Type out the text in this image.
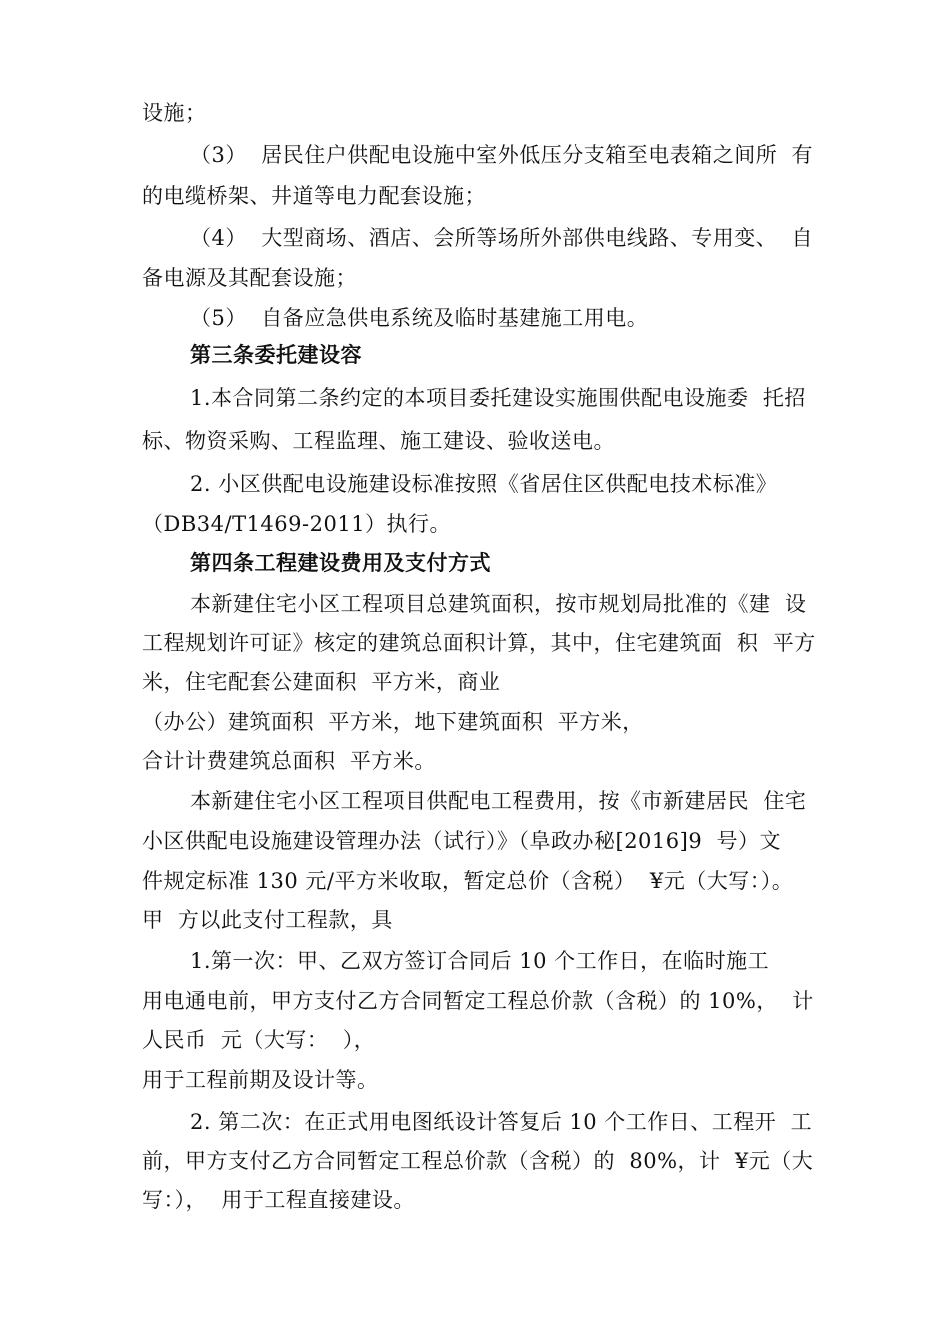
设施；
（3）  居民住户供配电设施中室外低压分支箱至电表箱之间所  有
的电缆桥架、井道等电力配套设施；
（4）  大型商场、酒店、会所等场所外部供电线路、专用变、  自
备电源及其配套设施；
（5）  自备应急供电系统及临时基建施工用电。
第三条委托建设容
1.本合同第二条约定的本项目委托建设实施围供配电设施委  托招
标、物资采购、工程监理、施工建设、验收送电。
2. 小区供配电设施建设标准按照《省居住区供配电技术标准》
（DB34/T1469-2011）执行。
第四条工程建设费用及支付方式
本新建住宅小区工程项目总建筑面积，按市规划局批准的《建  设
工程规划许可证》核定的建筑总面积计算，其中，住宅建筑面  积  平方
米，住宅配套公建面积  平方米，商业
（办公）建筑面积  平方米，地下建筑面积  平方米，
合计计费建筑总面积  平方米。
本新建住宅小区工程项目供配电工程费用，按《市新建居民  住宅
小区供配电设施建设管理办法（试行）》（阜政办秘[2016]9  号）文
件规定标准 130 元/平方米收取，暂定总价（含税）  ¥元（大写：）。
甲  方以此支付工程款，具
1.第一次：甲、乙双方签订合同后 10 个工作日，在临时施工
用电通电前，甲方支付乙方合同暂定工程总价款（含税）的 10%，  计
人民币  元（大写：  ），
用于工程前期及设计等。
2. 第二次：在正式用电图纸设计答复后 10 个工作日、工程开  工
前，甲方支付乙方合同暂定工程总价款（含税）的  80%，计  ¥元（大
写：），  用于工程直接建设。
